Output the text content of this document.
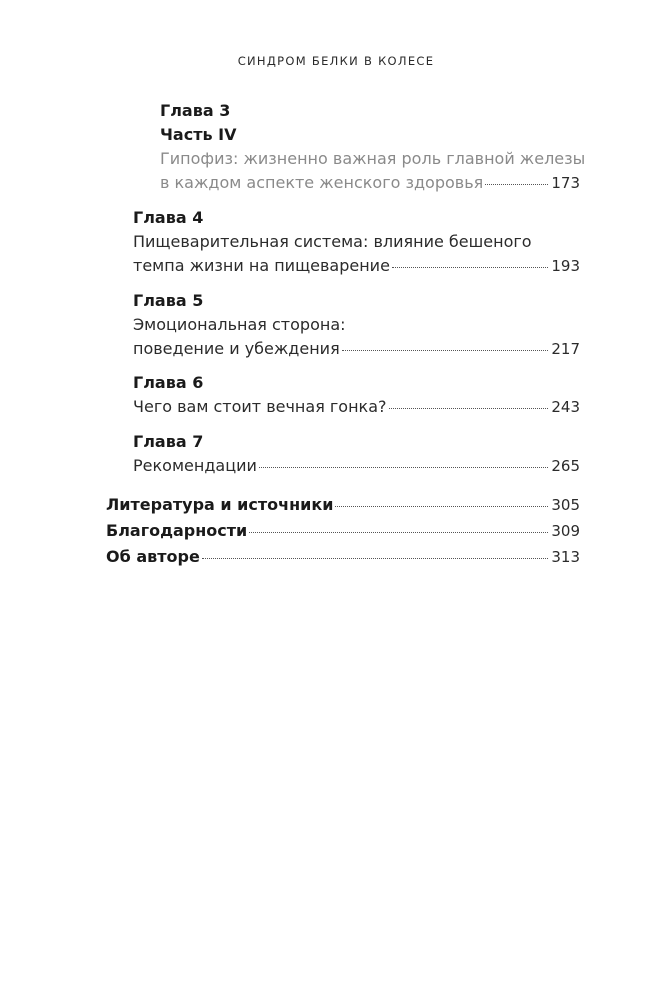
СИНДРОМ БЕЛКИ В КОЛЕСЕ
Глава 3
Часть IV
Гипофиз: жизненно важная роль главной железы
в каждом аспекте женского здоровья	173
Глава 4
Пищеварительная система: влияние бешеного
темпа жизни на пищеварение	193
Глава 5
Эмоциональная сторона:
поведение и убеждения	217
Глава 6
Чего вам стоит вечная гонка?	243
Глава 7
Рекомендации	265
Литература и источники	305
Благодарности	309
Об авторе	313
